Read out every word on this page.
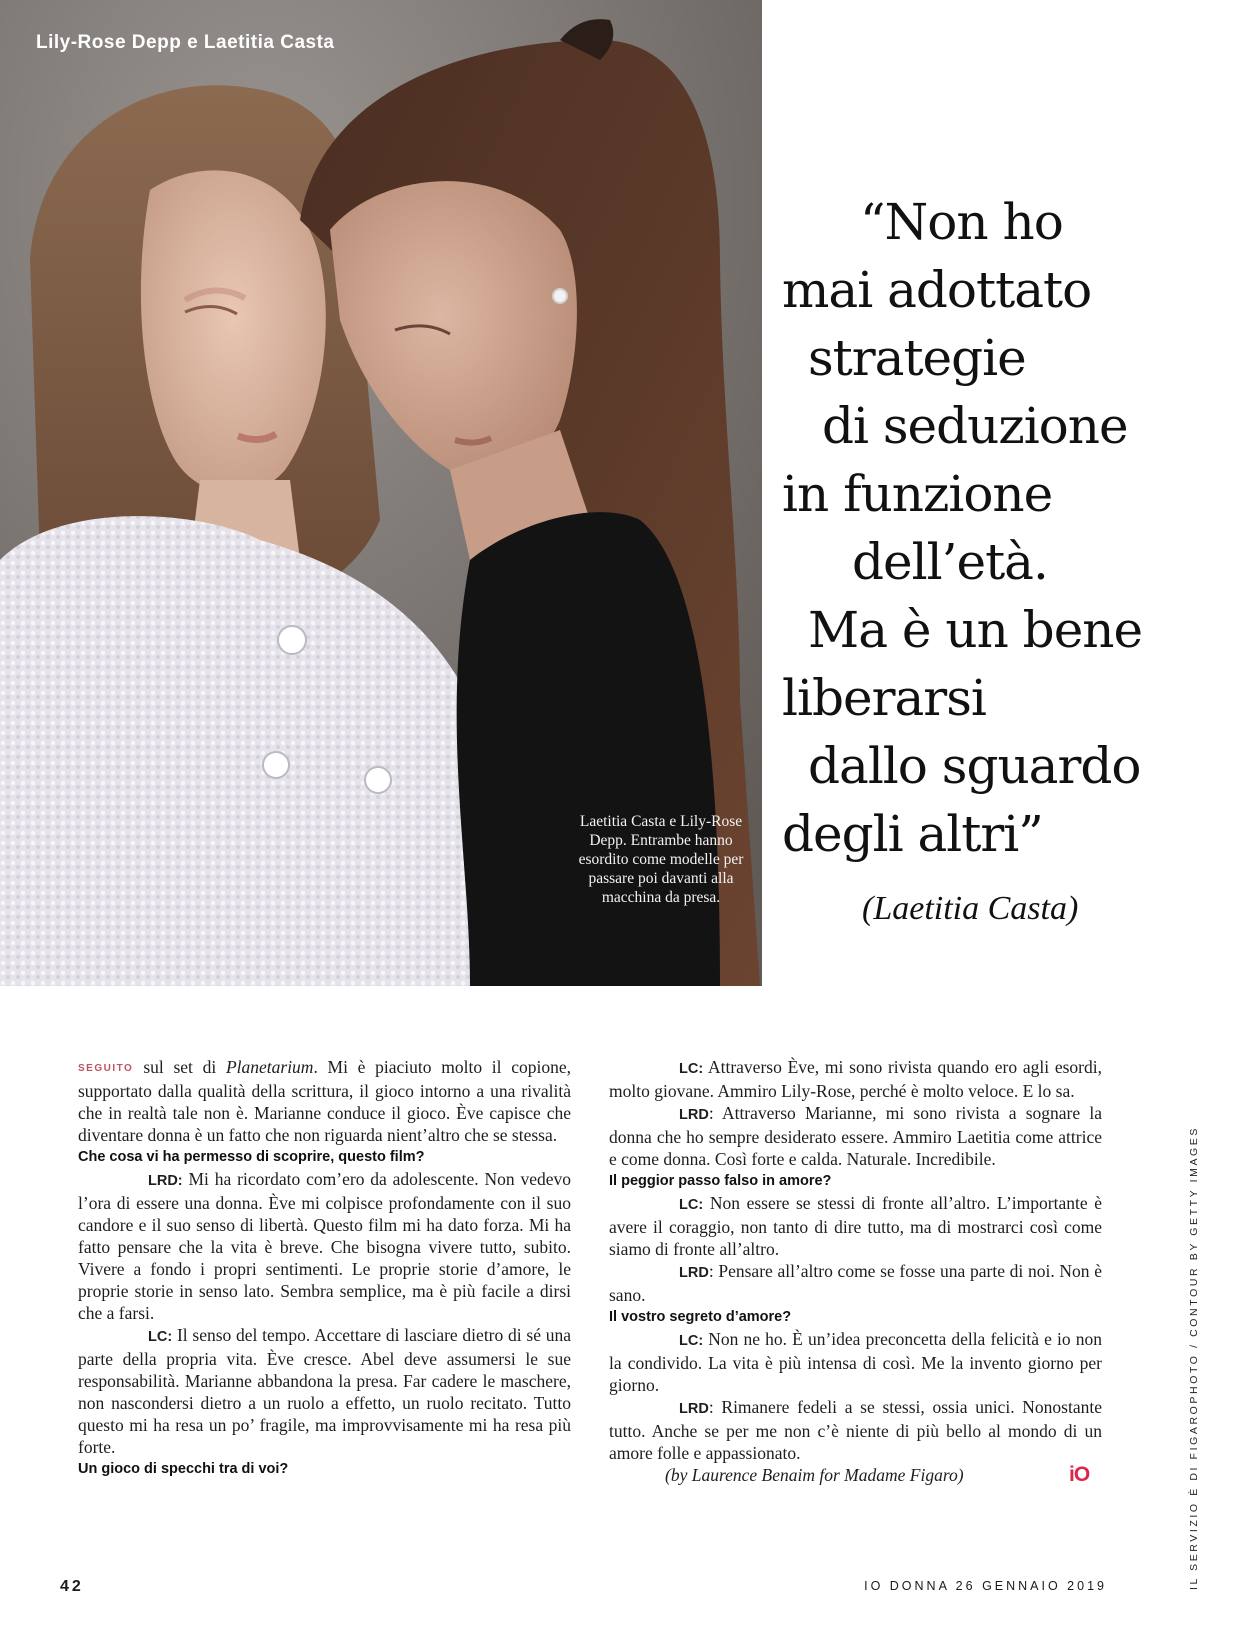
Lily-Rose Depp e Laetitia Casta
Laetitia Casta e Lily-Rose Depp. Entrambe hanno esordito come modelle per passare poi davanti alla macchina da presa.
“Non ho
mai adottato
strategie
di seduzione
in funzione
dell’età.
Ma è un bene
liberarsi
dallo sguardo
degli altri”
(Laetitia Casta)

SEGUITO sul set di Planetarium. Mi è piaciuto molto il copione, supportato dalla qualità della scrittura, il gioco intorno a una rivalità che in realtà tale non è. Marianne conduce il gioco. Ève capisce che diventare donna è un fatto che non riguarda nient’altro che se stessa.

Che cosa vi ha permesso di scoprire, questo film?

LRD: Mi ha ricordato com’ero da adolescente. Non vedevo l’ora di essere una donna. Ève mi colpisce profondamente con il suo candore e il suo senso di libertà. Questo film mi ha dato forza. Mi ha fatto pensare che la vita è breve. Che bisogna vivere tutto, subito. Vivere a fondo i propri sentimenti. Le proprie storie d’amore, le proprie storie in senso lato. Sembra semplice, ma è più facile a dirsi che a farsi.

LC: Il senso del tempo. Accettare di lasciare dietro di sé una parte della propria vita. Ève cresce. Abel deve assumersi le sue responsabilità. Marianne abbandona la presa. Far cadere le maschere, non nascondersi dietro a un ruolo a effetto, un ruolo recitato. Tutto questo mi ha resa un po’ fragile, ma improvvisamente mi ha resa più forte.

Un gioco di specchi tra di voi?

LC: Attraverso Ève, mi sono rivista quando ero agli esordi, molto giovane. Ammiro Lily-Rose, perché è molto veloce. E lo sa.

LRD: Attraverso Marianne, mi sono rivista a sognare la donna che ho sempre desiderato essere. Ammiro Laetitia come attrice e come donna. Così forte e calda. Naturale. Incredibile.

Il peggior passo falso in amore?

LC: Non essere se stessi di fronte all’altro. L’importante è avere il coraggio, non tanto di dire tutto, ma di mostrarci così come siamo di fronte all’altro.

LRD: Pensare all’altro come se fosse una parte di noi. Non è sano.

Il vostro segreto d’amore?

LC: Non ne ho. È un’idea preconcetta della felicità e io non la condivido. La vita è più intensa di così. Me la invento giorno per giorno.

LRD: Rimanere fedeli a se stessi, ossia unici. Nonostante tutto. Anche se per me non c’è niente di più bello al mondo di un amore folle e appassionato.

(by Laurence Benaim for Madame Figaro)	iO
42	IO DONNA 26 GENNAIO 2019	IL SERVIZIO È DI FIGAROPHOTO / CONTOUR BY GETTY IMAGES
